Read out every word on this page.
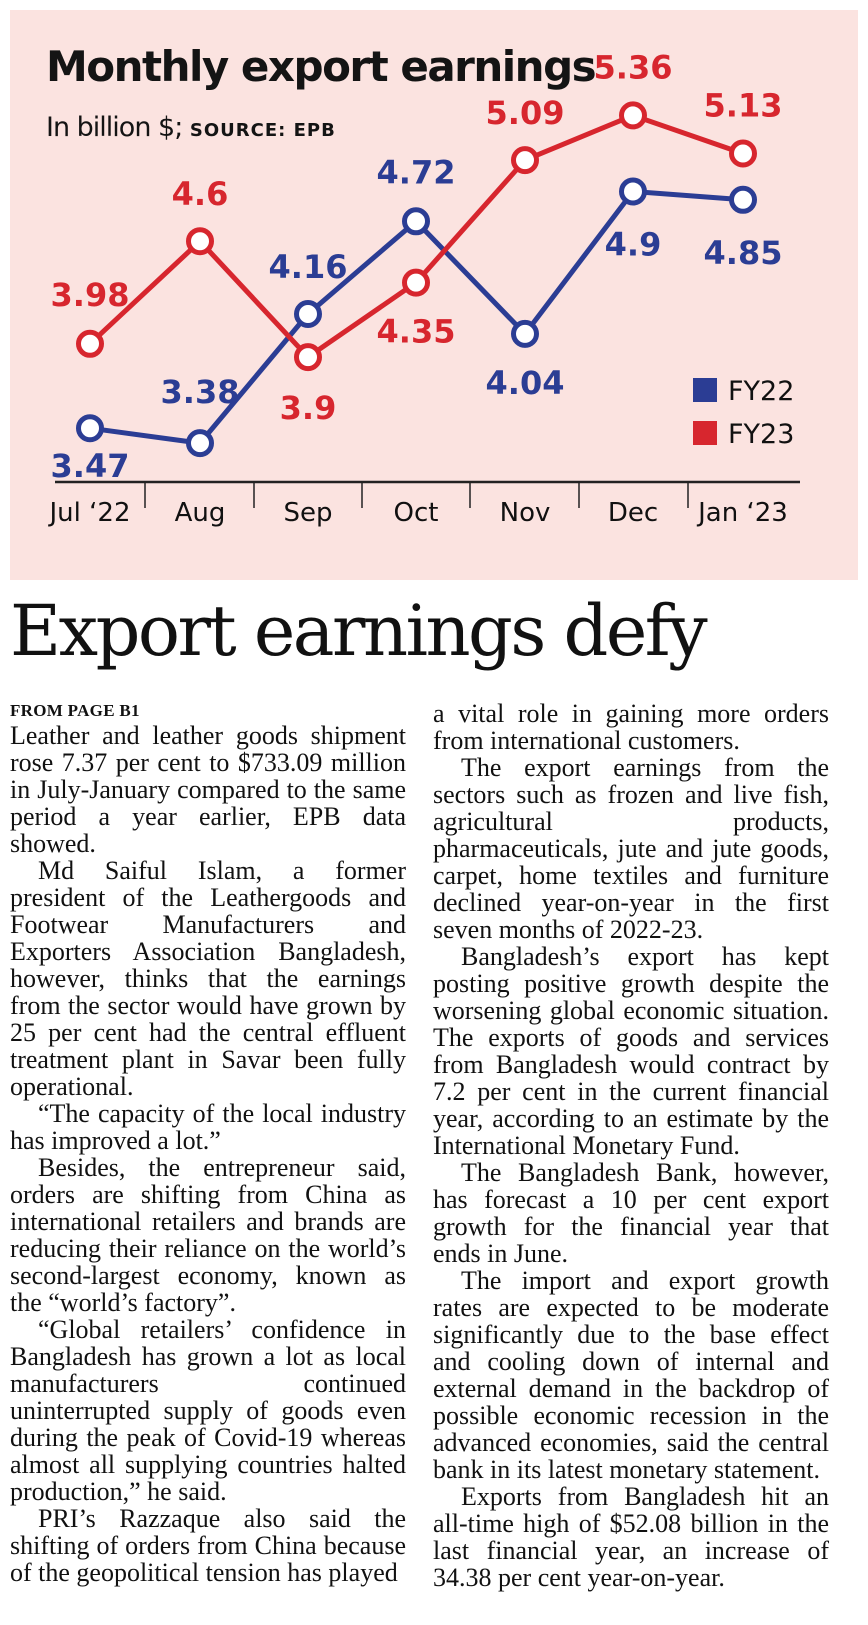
Monthly export earnings

In billion $; SOURCE: EPB

Jul ‘22 Aug Sep Oct Nov Dec Jan ‘23
3.47
3.38
4.16
4.72
4.04
4.9 4.85
3.98
4.6
3.9
4.35
5.09
5.36
5.13
FY22
FY23
Export earnings defy

FROM PAGE B1

Leather and leather goods shipment rose 7.37 per cent to $733.09 million in July-January compared to the same period a year earlier, EPB data showed.

Md Saiful Islam, a former president of the Leathergoods and Footwear Manufacturers and Exporters Association Bangladesh, however, thinks that the earnings from the sector would have grown by 25 per cent had the central effluent treatment plant in Savar been fully operational.

“The capacity of the local industry has improved a lot.”

Besides, the entrepreneur said, orders are shifting from China as international retailers and brands are reducing their reliance on the world’s second-largest economy, known as the “world’s factory”.

“Global retailers’ confidence in Bangladesh has grown a lot as local manufacturers continued uninterrupted supply of goods even during the peak of Covid-19 whereas almost all supplying countries halted production,” he said.

PRI’s Razzaque also said the shifting of orders from China because of the geopolitical tension has played

a vital role in gaining more orders from international customers.

The export earnings from the sectors such as frozen and live fish, agricultural products, pharmaceuticals, jute and jute goods, carpet, home textiles and furniture declined year-on-year in the first seven months of 2022-23.

Bangladesh’s export has kept posting positive growth despite the worsening global economic situation. The exports of goods and services from Bangladesh would contract by 7.2 per cent in the current financial year, according to an estimate by the International Monetary Fund.

The Bangladesh Bank, however, has forecast a 10 per cent export growth for the financial year that ends in June.

The import and export growth rates are expected to be moderate significantly due to the base effect and cooling down of internal and external demand in the backdrop of possible economic recession in the advanced economies, said the central bank in its latest monetary statement.

Exports from Bangladesh hit an all-time high of $52.08 billion in the last financial year, an increase of 34.38 per cent year-on-year.
